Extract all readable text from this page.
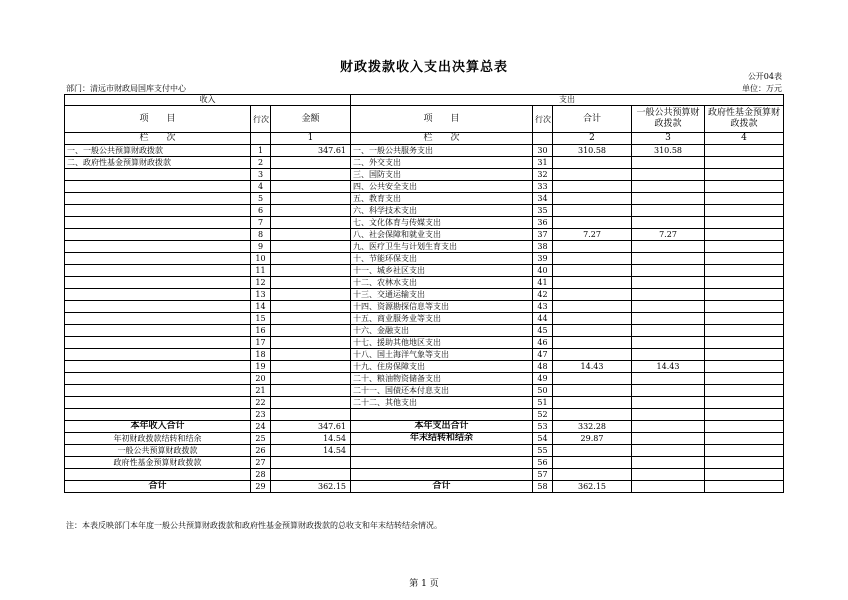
财政拨款收入支出决算总表
公开04表
部门：清远市财政局国库支付中心	单位：万元
收入			支出				
项　　目	行次	金额	项　　目	行次	合计	一般公共预算财政拨款	政府性基金预算财政拨款
栏　　次		1	栏　　次		2	3	4
一、一般公共预算财政拨款	1	347.61	一、一般公共服务支出	30	310.58	310.58	
二、政府性基金预算财政拨款	2		二、外交支出	31			
	3		三、国防支出	32			
	4		四、公共安全支出	33			
	5		五、教育支出	34			
	6		六、科学技术支出	35			
	7		七、文化体育与传媒支出	36			
	8		八、社会保障和就业支出	37	7.27	7.27	
	9		九、医疗卫生与计划生育支出	38			
	10		十、节能环保支出	39			
	11		十一、城乡社区支出	40			
	12		十二、农林水支出	41			
	13		十三、交通运输支出	42			
	14		十四、资源勘探信息等支出	43			
	15		十五、商业服务业等支出	44			
	16		十六、金融支出	45			
	17		十七、援助其他地区支出	46			
	18		十八、国土海洋气象等支出	47			
	19		十九、住房保障支出	48	14.43	14.43	
	20		二十、粮油物资储备支出	49			
	21		二十一、国债还本付息支出	50			
	22		二十二、其他支出	51			
	23			52			
本年收入合计	24	347.61	本年支出合计	53	332.28		
年初财政拨款结转和结余	25	14.54	年末结转和结余	54	29.87		
一般公共预算财政拨款	26	14.54		55			
政府性基金预算财政拨款	27			56			
	28			57			
合计	29	362.15	合计	58	362.15		
注：本表反映部门本年度一般公共预算财政拨款和政府性基金预算财政拨款的总收支和年末结转结余情况。
第 1 页
